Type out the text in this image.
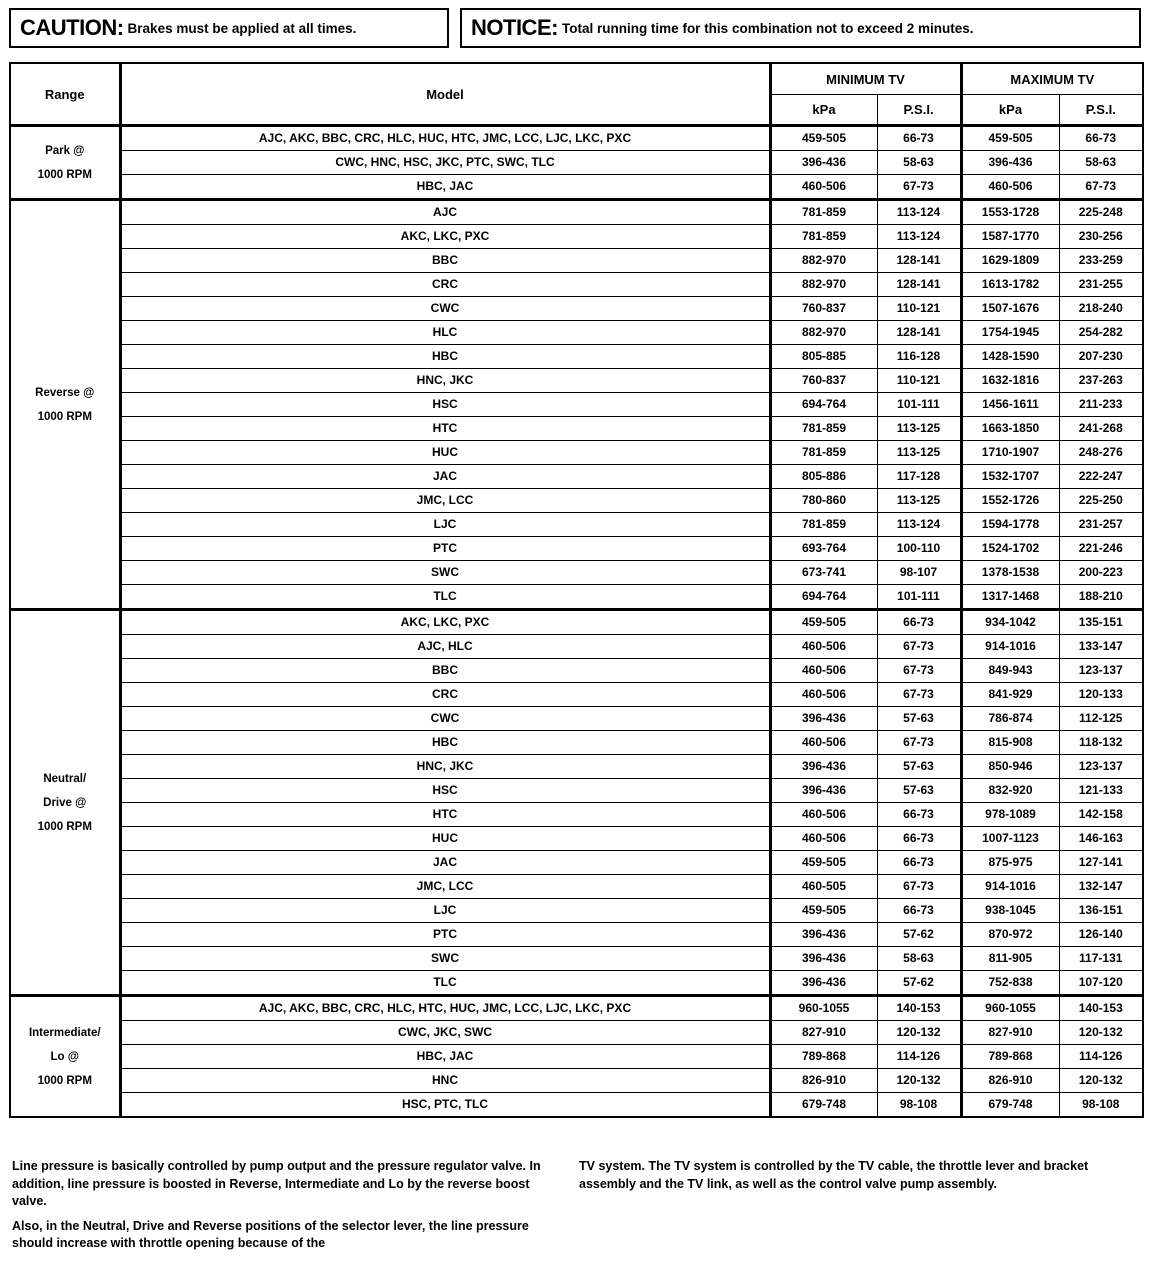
CAUTION: Brakes must be applied at all times.	NOTICE: Total running time for this combination not to exceed 2 minutes.
Range	Model	MINIMUM TV		MAXIMUM TV	
		kPa	P.S.I.	kPa	P.S.I.

Park @
1000 RPM	AJC, AKC, BBC, CRC, HLC, HUC, HTC, JMC, LCC, LJC, LKC, PXC	459-505	66-73	459-505	66-73
	CWC, HNC, HSC, JKC, PTC, SWC, TLC	396-436	58-63	396-436	58-63
	HBC, JAC	460-506	67-73	460-506	67-73

Reverse @
1000 RPM	AJC	781-859	113-124	1553-1728	225-248
	AKC, LKC, PXC	781-859	113-124	1587-1770	230-256
	BBC	882-970	128-141	1629-1809	233-259
	CRC	882-970	128-141	1613-1782	231-255
	CWC	760-837	110-121	1507-1676	218-240
	HLC	882-970	128-141	1754-1945	254-282
	HBC	805-885	116-128	1428-1590	207-230
	HNC, JKC	760-837	110-121	1632-1816	237-263
	HSC	694-764	101-111	1456-1611	211-233
	HTC	781-859	113-125	1663-1850	241-268
	HUC	781-859	113-125	1710-1907	248-276
	JAC	805-886	117-128	1532-1707	222-247
	JMC, LCC	780-860	113-125	1552-1726	225-250
	LJC	781-859	113-124	1594-1778	231-257
	PTC	693-764	100-110	1524-1702	221-246
	SWC	673-741	98-107	1378-1538	200-223
	TLC	694-764	101-111	1317-1468	188-210

Neutral/
Drive @
1000 RPM	AKC, LKC, PXC	459-505	66-73	934-1042	135-151
	AJC, HLC	460-506	67-73	914-1016	133-147
	BBC	460-506	67-73	849-943	123-137
	CRC	460-506	67-73	841-929	120-133
	CWC	396-436	57-63	786-874	112-125
	HBC	460-506	67-73	815-908	118-132
	HNC, JKC	396-436	57-63	850-946	123-137
	HSC	396-436	57-63	832-920	121-133
	HTC	460-506	66-73	978-1089	142-158
	HUC	460-506	66-73	1007-1123	146-163
	JAC	459-505	66-73	875-975	127-141
	JMC, LCC	460-505	67-73	914-1016	132-147
	LJC	459-505	66-73	938-1045	136-151
	PTC	396-436	57-62	870-972	126-140
	SWC	396-436	58-63	811-905	117-131
	TLC	396-436	57-62	752-838	107-120

Intermediate/
Lo @
1000 RPM	AJC, AKC, BBC, CRC, HLC, HTC, HUC, JMC, LCC, LJC, LKC, PXC	960-1055	140-153	960-1055	140-153
	CWC, JKC, SWC	827-910	120-132	827-910	120-132
	HBC, JAC	789-868	114-126	789-868	114-126
	HNC	826-910	120-132	826-910	120-132
	HSC, PTC, TLC	679-748	98-108	679-748	98-108

Line pressure is basically controlled by pump output and the pressure regulator valve. In addition, line pressure is boosted in Reverse, Intermediate and Lo by the reverse boost valve.

Also, in the Neutral, Drive and Reverse positions of the selector lever, the line pressure should increase with throttle opening because of the

TV system. The TV system is controlled by the TV cable, the throttle lever and bracket assembly and the TV link, as well as the control valve pump assembly.
